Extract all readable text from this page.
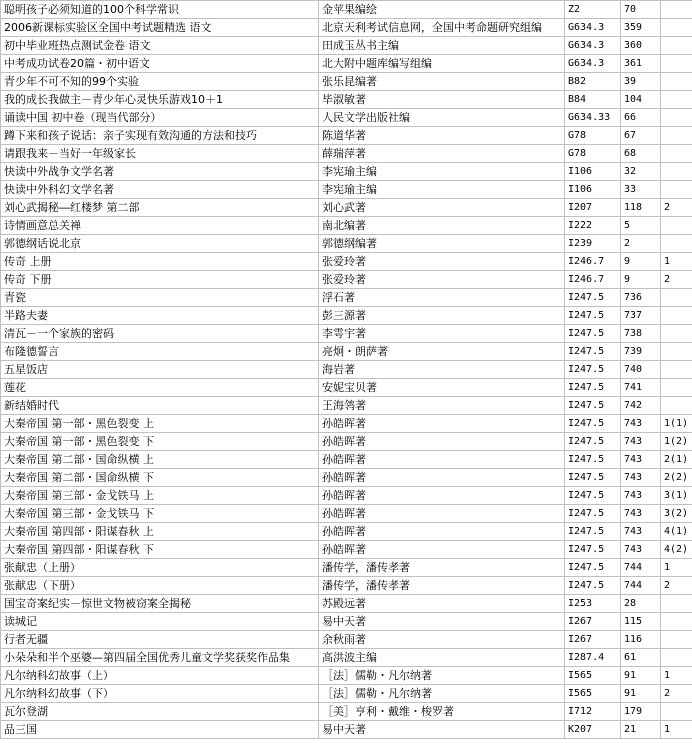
聪明孩子必须知道的100个科学常识	金苹果编绘	Z2	70	
2006新课标实验区全国中考试题精选 语文	北京天利考试信息网，全国中考命题研究组编	G634.3	359	
初中毕业班热点测试金卷 语文	田成玉丛书主编	G634.3	360	
中考成功试卷20篇・初中语文	北大附中题库编写组编	G634.3	361	
青少年不可不知的99个实验	张乐昆编著	B82	39	
我的成长我做主－青少年心灵快乐游戏10＋1	毕淑敏著	B84	104	
诵读中国 初中卷（现当代部分）	人民文学出版社编	G634.33	66	
蹲下来和孩子说话：亲子实现有效沟通的方法和技巧	陈道华著	G78	67	
请跟我来－当好一年级家长	薛瑞萍著	G78	68	
快读中外战争文学名著	李宪瑜主编	I106	32	
快读中外科幻文学名著	李宪瑜主编	I106	33	
刘心武揭秘―红楼梦 第二部	刘心武著	I207	118	2
诗情画意总关禅	南北编著	I222	5	
郭德纲话说北京	郭德纲编著	I239	2	
传奇 上册	张爱玲著	I246.7	9	1
传奇 下册	张爱玲著	I246.7	9	2
青瓷	浮石著	I247.5	736	
半路夫妻	彭三源著	I247.5	737	
清瓦－一个家族的密码	李雩宇著	I247.5	738	
布隆德誓言	亮炯・朗萨著	I247.5	739	
五星饭店	海岩著	I247.5	740	
莲花	安妮宝贝著	I247.5	741	
新结婚时代	王海鸰著	I247.5	742	
大秦帝国 第一部・黑色裂变 上	孙皓晖著	I247.5	743	1(1)
大秦帝国 第一部・黑色裂变 下	孙皓晖著	I247.5	743	1(2)
大秦帝国 第二部・国命纵横 上	孙皓晖著	I247.5	743	2(1)
大秦帝国 第二部・国命纵横 下	孙皓晖著	I247.5	743	2(2)
大秦帝国 第三部・金戈铁马 上	孙皓晖著	I247.5	743	3(1)
大秦帝国 第三部・金戈铁马 下	孙皓晖著	I247.5	743	3(2)
大秦帝国 第四部・阳谋春秋 上	孙皓晖著	I247.5	743	4(1)
大秦帝国 第四部・阳谋春秋 下	孙皓晖著	I247.5	743	4(2)
张献忠（上册）	潘传学，潘传孝著	I247.5	744	1
张献忠（下册）	潘传学，潘传孝著	I247.5	744	2
国宝奇案纪实－惊世文物被窃案全揭秘	苏殿远著	I253	28	
读城记	易中天著	I267	115	
行者无疆	余秋雨著	I267	116	
小朵朵和半个巫婆—第四届全国优秀儿童文学奖获奖作品集	高洪波主编	I287.4	61	
凡尔纳科幻故事（上）	［法］儒勒・凡尔纳著	I565	91	1
凡尔纳科幻故事（下）	［法］儒勒・凡尔纳著	I565	91	2
瓦尔登湖	［美］亨利・戴维・梭罗著	I712	179	
品三国	易中天著	K207	21	1
